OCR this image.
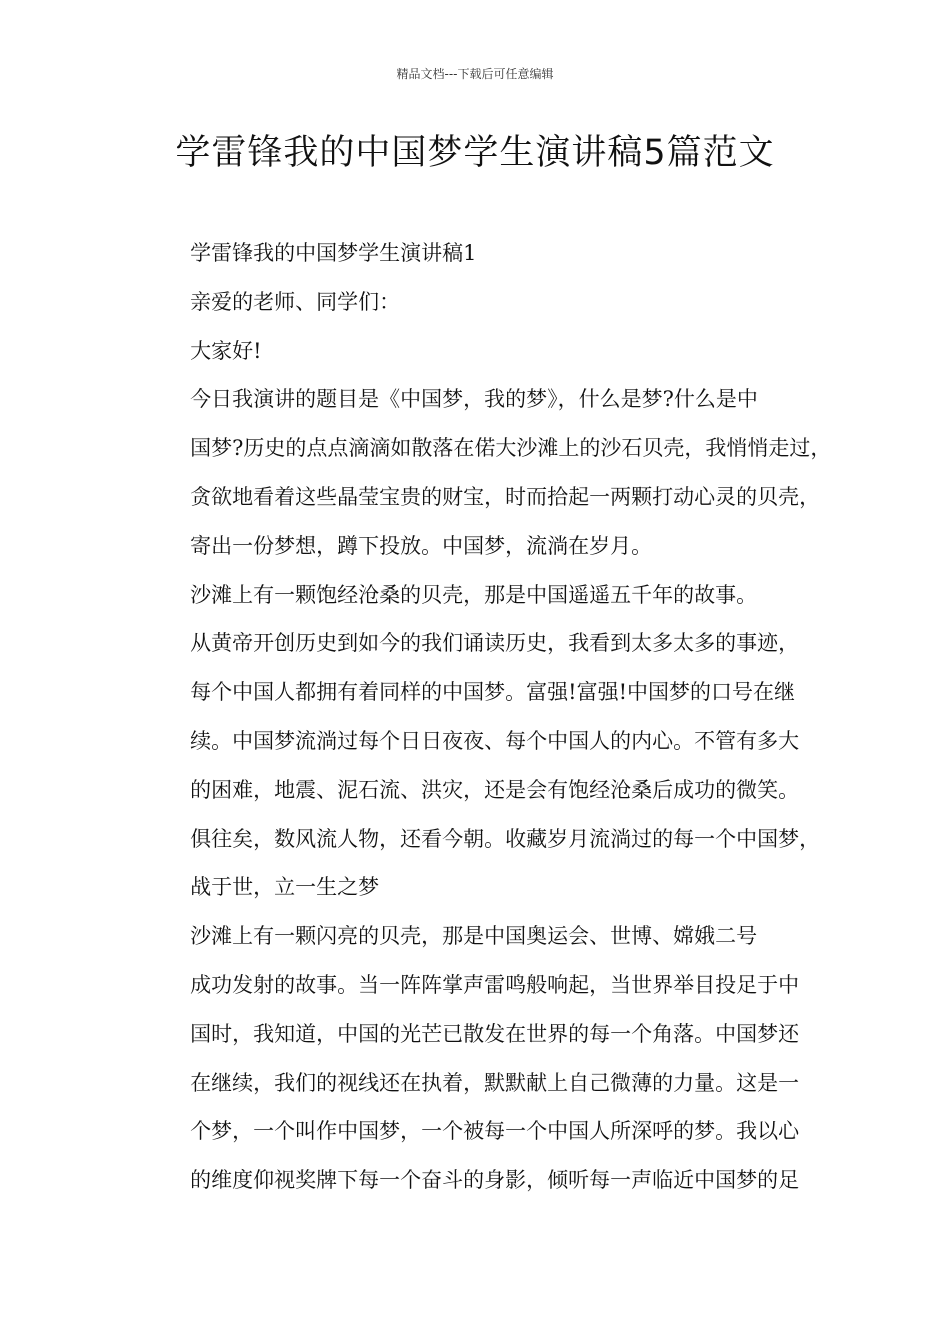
精品文档---下载后可任意编辑
学雷锋我的中国梦学生演讲稿5篇范文

学雷锋我的中国梦学生演讲稿1

亲爱的老师、同学们：

大家好!

今日我演讲的题目是《中国梦，我的梦》，什么是梦?什么是中
国梦?历史的点点滴滴如散落在偌大沙滩上的沙石贝壳，我悄悄走过，
贪欲地看着这些晶莹宝贵的财宝，时而拾起一两颗打动心灵的贝壳，
寄出一份梦想，蹲下投放。中国梦，流淌在岁月。

沙滩上有一颗饱经沧桑的贝壳，那是中国遥遥五千年的故事。
从黄帝开创历史到如今的我们诵读历史，我看到太多太多的事迹，
每个中国人都拥有着同样的中国梦。富强!富强!中国梦的口号在继
续。中国梦流淌过每个日日夜夜、每个中国人的内心。不管有多大
的困难，地震、泥石流、洪灾，还是会有饱经沧桑后成功的微笑。
俱往矣，数风流人物，还看今朝。收藏岁月流淌过的每一个中国梦，
战于世，立一生之梦

沙滩上有一颗闪亮的贝壳，那是中国奥运会、世博、嫦娥二号
成功发射的故事。当一阵阵掌声雷鸣般响起，当世界举目投足于中
国时，我知道，中国的光芒已散发在世界的每一个角落。中国梦还
在继续，我们的视线还在执着，默默献上自己微薄的力量。这是一
个梦，一个叫作中国梦，一个被每一个中国人所深呼的梦。我以心
的维度仰视奖牌下每一个奋斗的身影，倾听每一声临近中国梦的足
